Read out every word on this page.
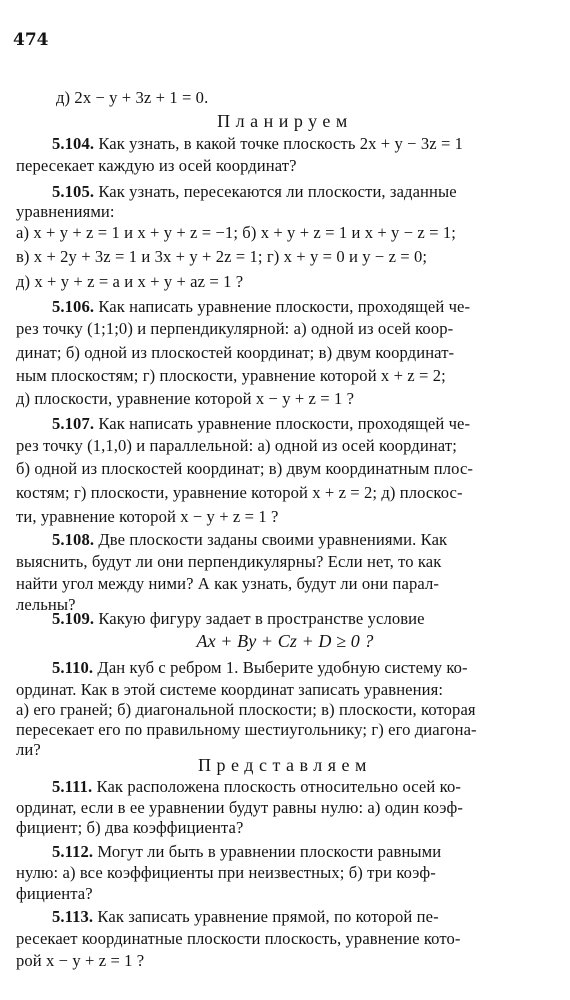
474
д) 2x − y + 3z + 1 = 0.
Планируем
5.104. Как узнать, в какой точке плоскость 2x + y − 3z = 1
пересекает каждую из осей координат?
5.105. Как узнать, пересекаются ли плоскости, заданные
уравнениями:
а) x + y + z = 1 и x + y + z = −1; б) x + y + z = 1 и x + y − z = 1;
в) x + 2y + 3z = 1 и 3x + y + 2z = 1; г) x + y = 0 и y − z = 0;
д) x + y + z = a и x + y + az = 1 ?
5.106. Как написать уравнение плоскости, проходящей че-
рез точку (1;1;0) и перпендикулярной: а) одной из осей коор-
динат; б) одной из плоскостей координат; в) двум координат-
ным плоскостям; г) плоскости, уравнение которой x + z = 2;
д) плоскости, уравнение которой x − y + z = 1 ?
5.107. Как написать уравнение плоскости, проходящей че-
рез точку (1,1,0) и параллельной: а) одной из осей координат;
б) одной из плоскостей координат; в) двум координатным плос-
костям; г) плоскости, уравнение которой x + z = 2; д) плоскос-
ти, уравнение которой x − y + z = 1 ?
5.108. Две плоскости заданы своими уравнениями. Как
выяснить, будут ли они перпендикулярны? Если нет, то как
найти угол между ними? А как узнать, будут ли они парал-
лельны?
5.109. Какую фигуру задает в пространстве условие
Ax + By + Cz + D ≥ 0 ?
5.110. Дан куб с ребром 1. Выберите удобную систему ко-
ординат. Как в этой системе координат записать уравнения:
а) его граней; б) диагональной плоскости; в) плоскости, которая
пересекает его по правильному шестиугольнику; г) его диагона-
ли?
Представляем
5.111. Как расположена плоскость относительно осей ко-
ординат, если в ее уравнении будут равны нулю: а) один коэф-
фициент; б) два коэффициента?
5.112. Могут ли быть в уравнении плоскости равными
нулю: а) все коэффициенты при неизвестных; б) три коэф-
фициента?
5.113. Как записать уравнение прямой, по которой пе-
ресекает координатные плоскости плоскость, уравнение кото-
рой x − y + z = 1 ?
